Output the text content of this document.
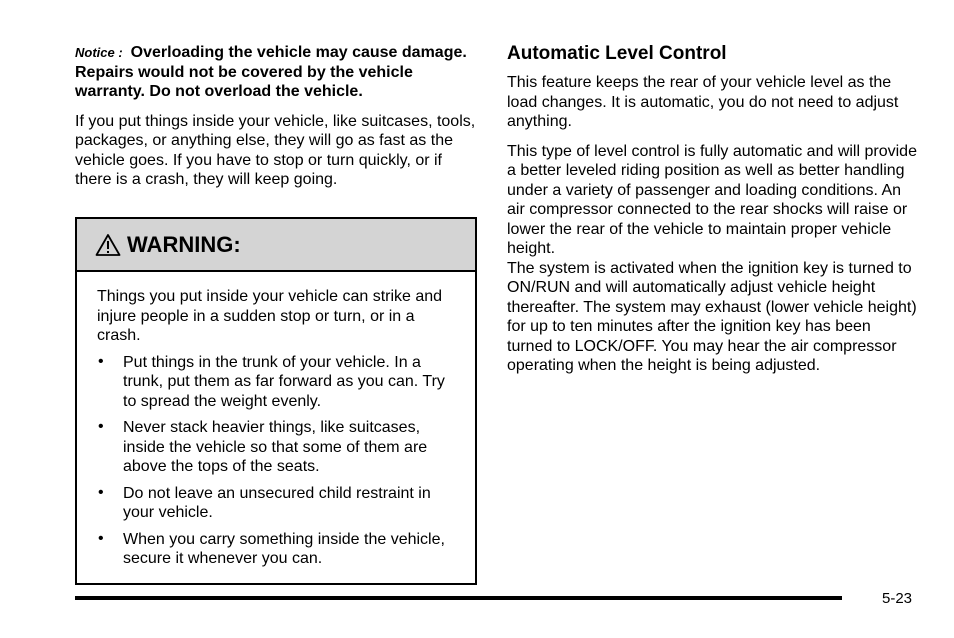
Notice : Overloading the vehicle may cause damage. Repairs would not be covered by the vehicle warranty. Do not overload the vehicle.

If you put things inside your vehicle, like suitcases, tools, packages, or anything else, they will go as fast as the vehicle goes. If you have to stop or turn quickly, or if there is a crash, they will keep going.

WARNING:

Things you put inside your vehicle can strike and injure people in a sudden stop or turn, or in a crash.

• Put things in the trunk of your vehicle. In a trunk, put them as far forward as you can. Try to spread the weight evenly.
• Never stack heavier things, like suitcases, inside the vehicle so that some of them are above the tops of the seats.
• Do not leave an unsecured child restraint in your vehicle.
• When you carry something inside the vehicle, secure it whenever you can.
Automatic Level Control

This feature keeps the rear of your vehicle level as the load changes. It is automatic, you do not need to adjust anything.

This type of level control is fully automatic and will provide a better leveled riding position as well as better handling under a variety of passenger and loading conditions. An air compressor connected to the rear shocks will raise or lower the rear of the vehicle to maintain proper vehicle height.

The system is activated when the ignition key is turned to ON/RUN and will automatically adjust vehicle height thereafter. The system may exhaust (lower vehicle height) for up to ten minutes after the ignition key has been turned to LOCK/OFF. You may hear the air compressor operating when the height is being adjusted.

5-23
